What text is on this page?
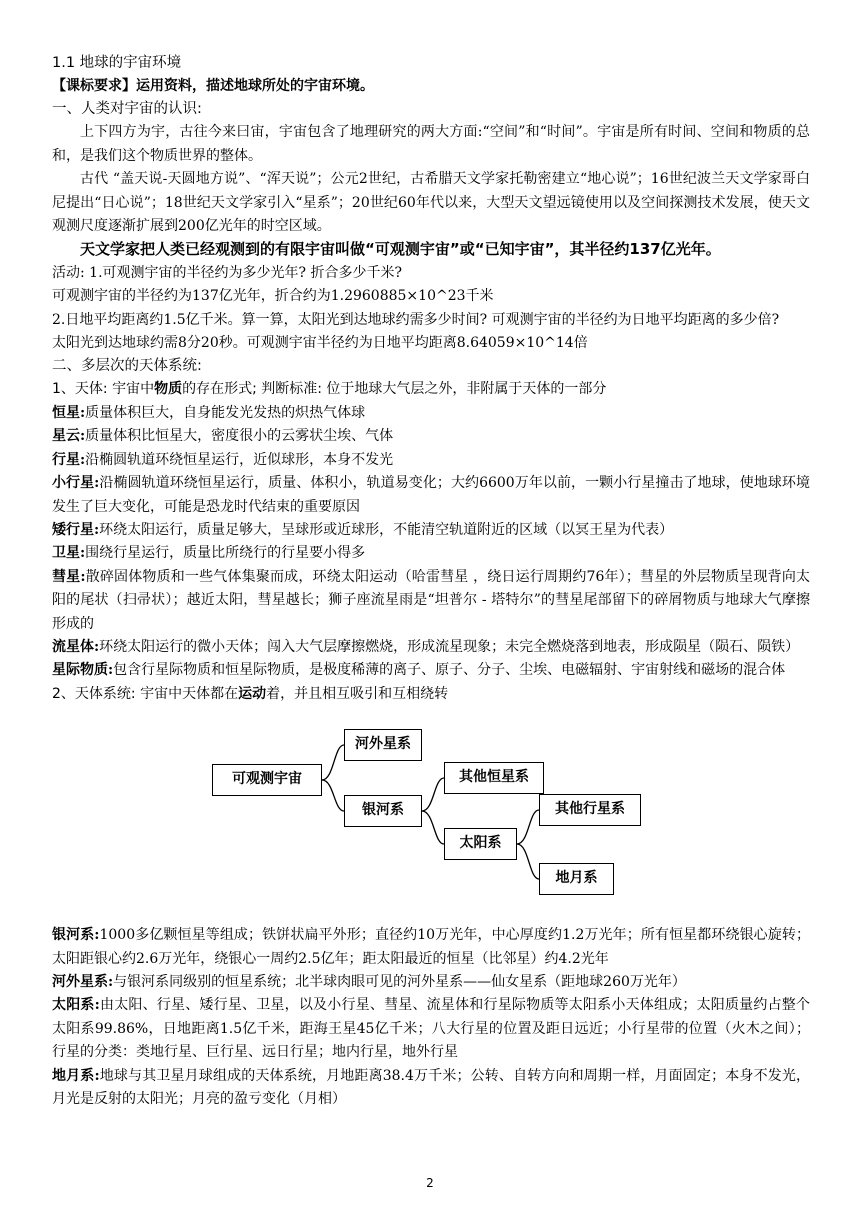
1.1 地球的宇宙环境

【课标要求】运用资料，描述地球所处的宇宙环境。

一、人类对宇宙的认识:

上下四方为宇，古往今来曰宙，宇宙包含了地理研究的两大方面:“空间”和“时间”。宇宙是所有时间、空间和物质的总和，是我们这个物质世界的整体。

古代 “盖天说-天圆地方说”、“浑天说”；公元2世纪，古希腊天文学家托勒密建立“地心说”；16世纪波兰天文学家哥白尼提出“日心说”；18世纪天文学家引入“星系”；20世纪60年代以来，大型天文望远镜使用以及空间探测技术发展，使天文观测尺度逐渐扩展到200亿光年的时空区域。

天文学家把人类已经观测到的有限宇宙叫做“可观测宇宙”或“已知宇宙”，其半径约137亿光年。

活动: 1.可观测宇宙的半径约为多少光年? 折合多少千米?

可观测宇宙的半径约为137亿光年，折合约为1.2960885×10^23千米

2.日地平均距离约1.5亿千米。算一算，太阳光到达地球约需多少时间? 可观测宇宙的半径约为日地平均距离的多少倍?

太阳光到达地球约需8分20秒。可观测宇宙半径约为日地平均距离8.64059×10^14倍

二、多层次的天体系统:

1、天体: 宇宙中物质的存在形式; 判断标准: 位于地球大气层之外，非附属于天体的一部分

恒星:质量体积巨大，自身能发光发热的炽热气体球

星云:质量体积比恒星大，密度很小的云雾状尘埃、气体

行星:沿椭圆轨道环绕恒星运行，近似球形，本身不发光

小行星:沿椭圆轨道环绕恒星运行，质量、体积小，轨道易变化；大约6600万年以前，一颗小行星撞击了地球，使地球环境发生了巨大变化，可能是恐龙时代结束的重要原因

矮行星:环绕太阳运行，质量足够大，呈球形或近球形，不能清空轨道附近的区域（以冥王星为代表）

卫星:围绕行星运行，质量比所绕行的行星要小得多

彗星:散碎固体物质和一些气体集聚而成，环绕太阳运动（哈雷彗星 ，绕日运行周期约76年）；彗星的外层物质呈现背向太阳的尾状（扫帚状）；越近太阳，彗星越长；狮子座流星雨是“坦普尔 - 塔特尔”的彗星尾部留下的碎屑物质与地球大气摩擦形成的

流星体:环绕太阳运行的微小天体；闯入大气层摩擦燃烧，形成流星现象；未完全燃烧落到地表，形成陨星（陨石、陨铁）

星际物质:包含行星际物质和恒星际物质，是极度稀薄的离子、原子、分子、尘埃、电磁辐射、宇宙射线和磁场的混合体

2、天体系统: 宇宙中天体都在运动着，并且相互吸引和互相绕转

可观测宇宙
河外星系
银河系
其他恒星系
太阳系
其他行星系
地月系

银河系:1000多亿颗恒星等组成；铁饼状扁平外形；直径约10万光年，中心厚度约1.2万光年；所有恒星都环绕银心旋转；太阳距银心约2.6万光年，绕银心一周约2.5亿年；距太阳最近的恒星（比邻星）约4.2光年

河外星系:与银河系同级别的恒星系统；北半球肉眼可见的河外星系——仙女星系（距地球260万光年）

太阳系:由太阳、行星、矮行星、卫星，以及小行星、彗星、流星体和行星际物质等太阳系小天体组成；太阳质量约占整个太阳系99.86%，日地距离1.5亿千米，距海王星45亿千米；八大行星的位置及距日远近；小行星带的位置（火木之间）；行星的分类：类地行星、巨行星、远日行星；地内行星，地外行星

地月系:地球与其卫星月球组成的天体系统，月地距离38.4万千米；公转、自转方向和周期一样，月面固定；本身不发光，月光是反射的太阳光；月亮的盈亏变化（月相）

2
